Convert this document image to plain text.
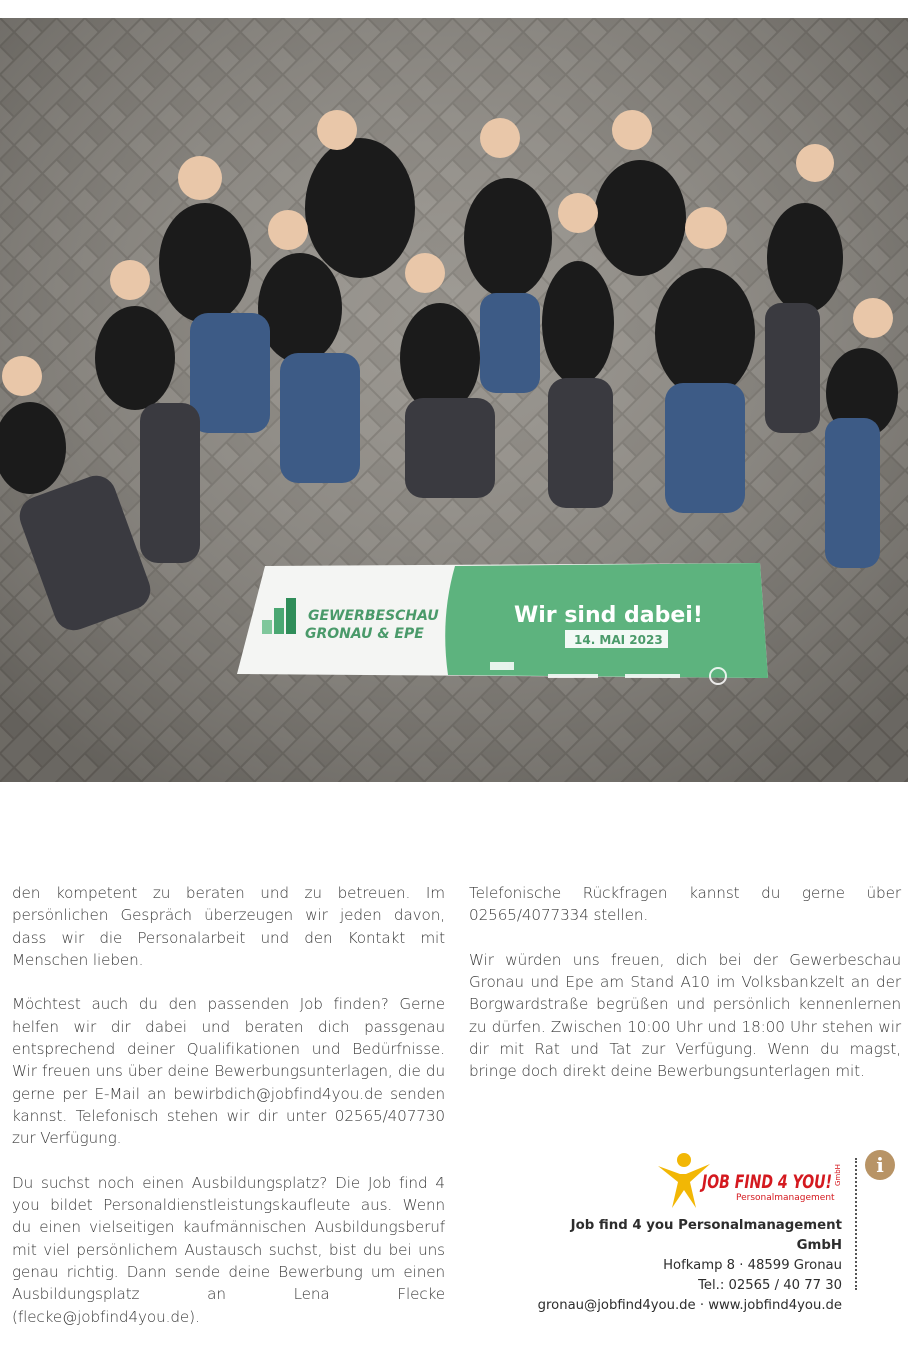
GEWERBESCHAU
GRONAU & EPE
Wir sind dabei!
14. MAI 2023

den kompetent zu beraten und zu betreuen. Im persönlichen Gespräch überzeugen wir jeden davon, dass wir die Personalarbeit und den Kontakt mit Menschen lieben.

Möchtest auch du den passenden Job finden? Gerne helfen wir dir dabei und beraten dich passgenau entsprechend deiner Qualifikationen und Bedürfnisse. Wir freuen uns über deine Bewerbungsunterlagen, die du gerne per E-Mail an bewirbdich@jobfind4you.de senden kannst. Telefonisch stehen wir dir unter 02565/407730 zur Verfügung.

Du suchst noch einen Ausbildungsplatz? Die Job find 4 you bildet Personaldienstleistungskaufleute aus. Wenn du einen vielseitigen kaufmännischen Ausbildungsberuf mit viel persönlichem Austausch suchst, bist du bei uns genau richtig. Dann sende deine Bewerbung um einen Ausbildungsplatz an Lena Flecke (flecke@jobfind4you.de).

Telefonische Rückfragen kannst du gerne über 02565/4077334 stellen.

Wir würden uns freuen, dich bei der Gewerbeschau Gronau und Epe am Stand A10 im Volksbankzelt an der Borgwardstraße begrüßen und persönlich kennenlernen zu dürfen. Zwischen 10:00 Uhr und 18:00 Uhr stehen wir dir mit Rat und Tat zur Verfügung. Wenn du magst, bringe doch direkt deine Bewerbungsunterlagen mit.

JOB FIND 4 YOU!
Personalmanagement
GmbH
Job find 4 you Personalmanagement GmbH
Hofkamp 8 · 48599 Gronau
Tel.: 02565 / 40 77 30
gronau@jobfind4you.de · www.jobfind4you.de
i
